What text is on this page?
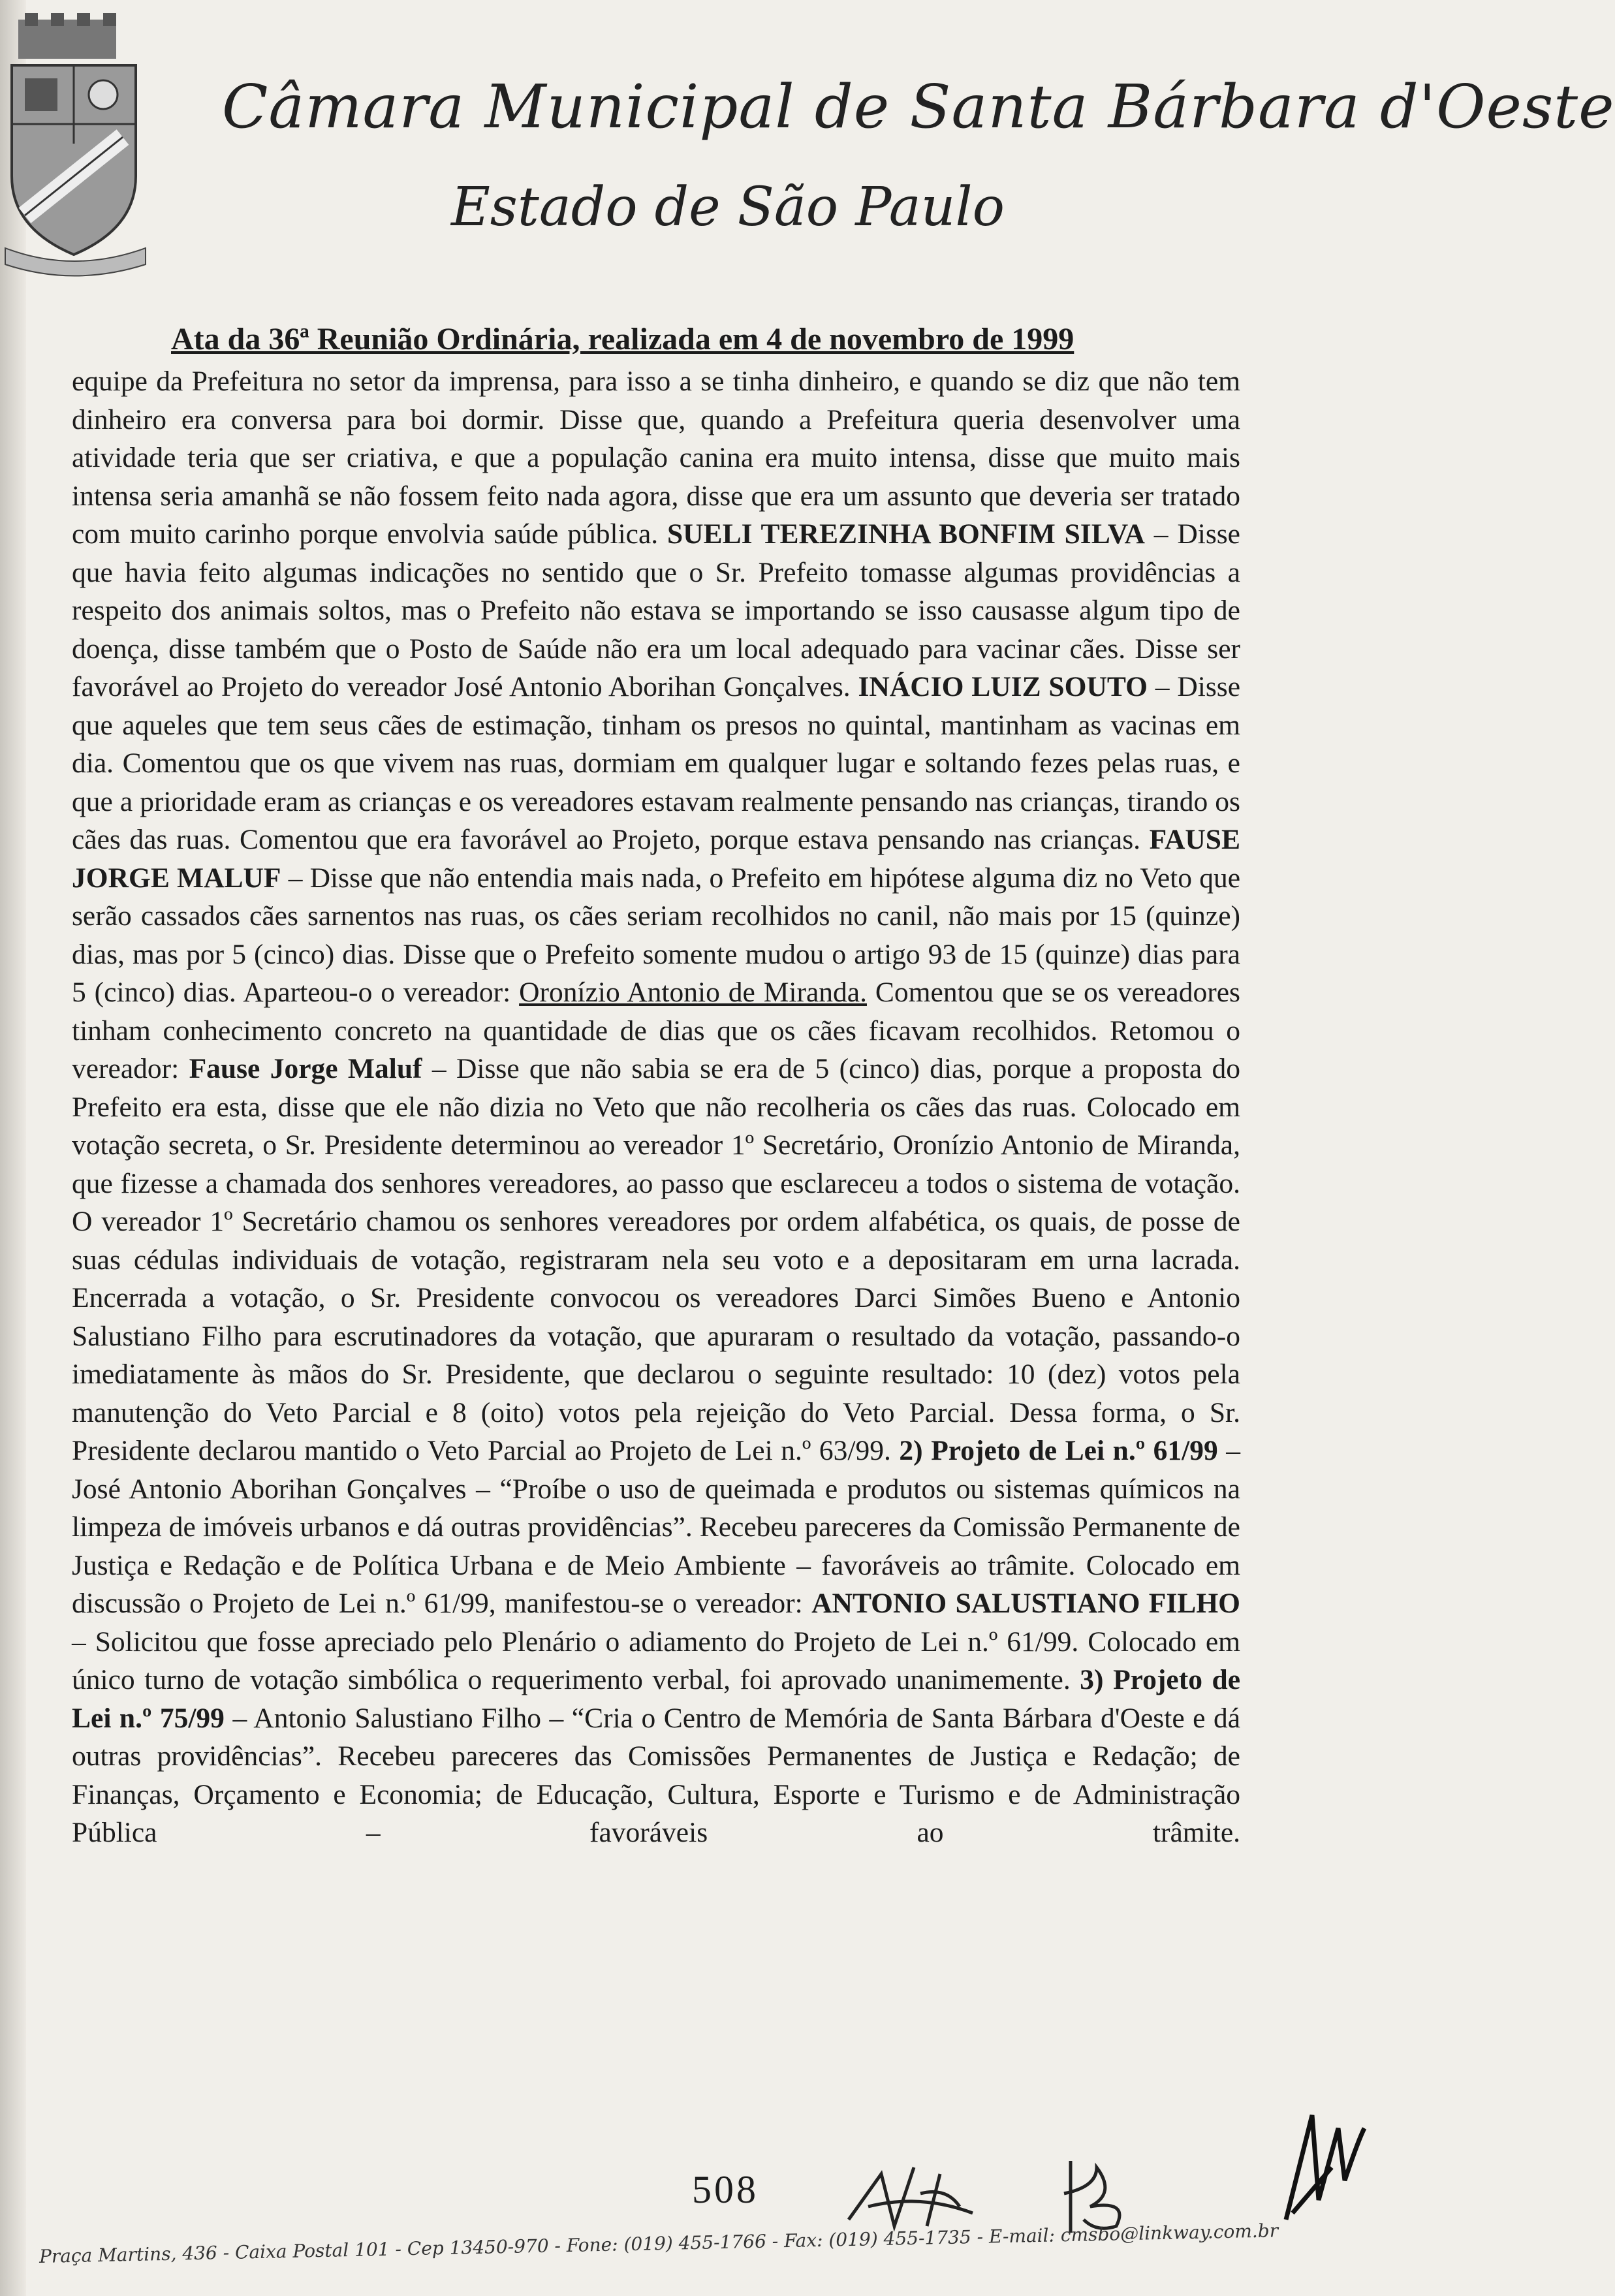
Câmara Municipal de Santa Bárbara d'Oeste
Estado de São Paulo
Ata da 36ª Reunião Ordinária, realizada em 4 de novembro de 1999

equipe da Prefeitura no setor da imprensa, para isso a se tinha dinheiro, e quando se diz que não tem dinheiro era conversa para boi dormir. Disse que, quando a Prefeitura queria desenvolver uma atividade teria que ser criativa, e que a população canina era muito intensa, disse que muito mais intensa seria amanhã se não fossem feito nada agora, disse que era um assunto que deveria ser tratado com muito carinho porque envolvia saúde pública. SUELI TEREZINHA BONFIM SILVA – Disse que havia feito algumas indicações no sentido que o Sr. Prefeito tomasse algumas providências a respeito dos animais soltos, mas o Prefeito não estava se importando se isso causasse algum tipo de doença, disse também que o Posto de Saúde não era um local adequado para vacinar cães. Disse ser favorável ao Projeto do vereador José Antonio Aborihan Gonçalves. INÁCIO LUIZ SOUTO – Disse que aqueles que tem seus cães de estimação, tinham os presos no quintal, mantinham as vacinas em dia. Comentou que os que vivem nas ruas, dormiam em qualquer lugar e soltando fezes pelas ruas, e que a prioridade eram as crianças e os vereadores estavam realmente pensando nas crianças, tirando os cães das ruas. Comentou que era favorável ao Projeto, porque estava pensando nas crianças. FAUSE JORGE MALUF – Disse que não entendia mais nada, o Prefeito em hipótese alguma diz no Veto que serão cassados cães sarnentos nas ruas, os cães seriam recolhidos no canil, não mais por 15 (quinze) dias, mas por 5 (cinco) dias. Disse que o Prefeito somente mudou o artigo 93 de 15 (quinze) dias para 5 (cinco) dias. Aparteou-o o vereador: Oronízio Antonio de Miranda. Comentou que se os vereadores tinham conhecimento concreto na quantidade de dias que os cães ficavam recolhidos. Retomou o vereador: Fause Jorge Maluf – Disse que não sabia se era de 5 (cinco) dias, porque a proposta do Prefeito era esta, disse que ele não dizia no Veto que não recolheria os cães das ruas. Colocado em votação secreta, o Sr. Presidente determinou ao vereador 1º Secretário, Oronízio Antonio de Miranda, que fizesse a chamada dos senhores vereadores, ao passo que esclareceu a todos o sistema de votação. O vereador 1º Secretário chamou os senhores vereadores por ordem alfabética, os quais, de posse de suas cédulas individuais de votação, registraram nela seu voto e a depositaram em urna lacrada. Encerrada a votação, o Sr. Presidente convocou os vereadores Darci Simões Bueno e Antonio Salustiano Filho para escrutinadores da votação, que apuraram o resultado da votação, passando-o imediatamente às mãos do Sr. Presidente, que declarou o seguinte resultado: 10 (dez) votos pela manutenção do Veto Parcial e 8 (oito) votos pela rejeição do Veto Parcial. Dessa forma, o Sr. Presidente declarou mantido o Veto Parcial ao Projeto de Lei n.º 63/99. 2) Projeto de Lei n.º 61/99 – José Antonio Aborihan Gonçalves – “Proíbe o uso de queimada e produtos ou sistemas químicos na limpeza de imóveis urbanos e dá outras providências”. Recebeu pareceres da Comissão Permanente de Justiça e Redação e de Política Urbana e de Meio Ambiente – favoráveis ao trâmite. Colocado em discussão o Projeto de Lei n.º 61/99, manifestou-se o vereador: ANTONIO SALUSTIANO FILHO – Solicitou que fosse apreciado pelo Plenário o adiamento do Projeto de Lei n.º 61/99. Colocado em único turno de votação simbólica o requerimento verbal, foi aprovado unanimemente. 3) Projeto de Lei n.º 75/99 – Antonio Salustiano Filho – “Cria o Centro de Memória de Santa Bárbara d'Oeste e dá outras providências”. Recebeu pareceres das Comissões Permanentes de Justiça e Redação; de Finanças, Orçamento e Economia; de Educação, Cultura, Esporte e Turismo e de Administração Pública – favoráveis ao trâmite.

508
Praça Martins, 436 - Caixa Postal 101 - Cep 13450-970 - Fone: (019) 455-1766 - Fax: (019) 455-1735 - E-mail: cmsbo@linkway.com.br
